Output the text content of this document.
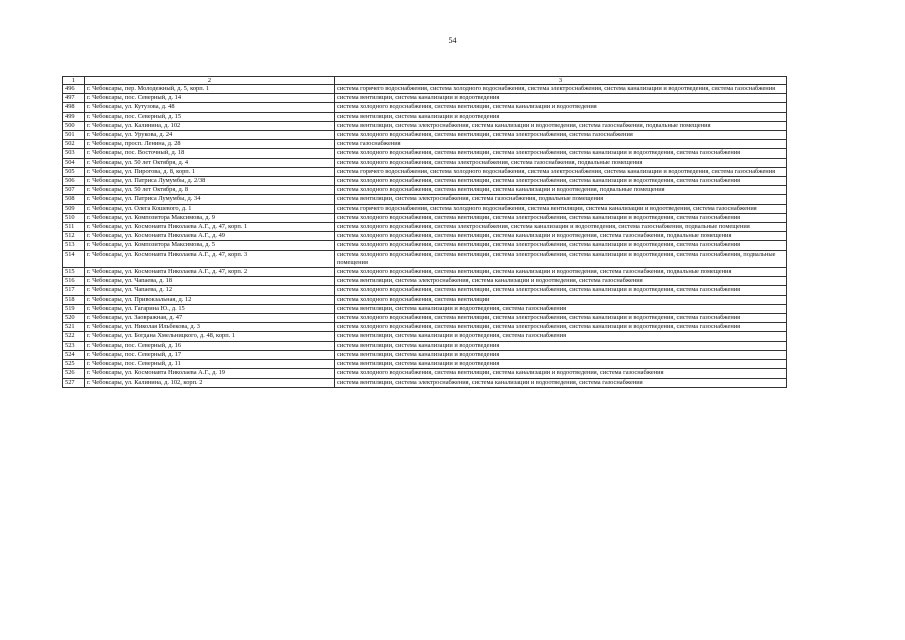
54
1	2	3
496	г. Чебоксары, пер. Молодежный, д. 5, корп. 1	система горячего водоснабжения, система холодного водоснабжения, система электроснабжения, система канализации и водоотведения, система газоснабжения
497	г. Чебоксары, пос. Северный, д. 14	система вентиляции, система канализации и водоотведения
498	г. Чебоксары, ул. Кутузова, д. 48	система холодного водоснабжения, система вентиляции, система канализации и водоотведения
499	г. Чебоксары, пос. Северный, д. 15	система вентиляции, система канализации и водоотведения
500	г. Чебоксары, ул. Калинина, д. 102	система вентиляции, система электроснабжения, система канализации и водоотведения, система газоснабжения, подвальные помещения
501	г. Чебоксары, ул. Урукова, д. 24	система холодного водоснабжения, система вентиляции, система электроснабжения, система газоснабжения
502	г. Чебоксары, просп. Ленина, д. 28	система газоснабжения
503	г. Чебоксары, пос. Восточный, д. 18	система холодного водоснабжения, система вентиляции, система электроснабжения, система канализации и водоотведения, система газоснабжения
504	г. Чебоксары, ул. 50 лет Октября, д. 4	система холодного водоснабжения, система электроснабжения, система газоснабжения, подвальные помещения
505	г. Чебоксары, ул. Пирогова, д. 8, корп. 1	система горячего водоснабжения, система холодного водоснабжения, система электроснабжения, система канализации и водоотведения, система газоснабжения
506	г. Чебоксары, ул. Патриса Лумумбы, д. 2/38	система холодного водоснабжения, система вентиляции, система электроснабжения, система канализации и водоотведения, система газоснабжения
507	г. Чебоксары, ул. 50 лет Октября, д. 8	система холодного водоснабжения, система вентиляции, система канализации и водоотведения, подвальные помещения
508	г. Чебоксары, ул. Патриса Лумумбы, д. 34	система вентиляции, система электроснабжения, система газоснабжения, подвальные помещения
509	г. Чебоксары, ул. Олега Кошевого, д. 1	система горячего водоснабжения, система холодного водоснабжения, система вентиляции, система канализации и водоотведения, система газоснабжения
510	г. Чебоксары, ул. Композитора Максимова, д. 9	система холодного водоснабжения, система вентиляции, система электроснабжения, система канализации и водоотведения, система газоснабжения
511	г. Чебоксары, ул. Космонавта Николаева А.Г., д. 47, корп. 1	система холодного водоснабжения, система электроснабжения, система канализации и водоотведения, система газоснабжения, подвальные помещения
512	г. Чебоксары, ул. Космонавта Николаева А.Г., д. 49	система холодного водоснабжения, система вентиляции, система канализации и водоотведения, система газоснабжения, подвальные помещения
513	г. Чебоксары, ул. Композитора Максимова, д. 5	система холодного водоснабжения, система вентиляции, система электроснабжения, система канализации и водоотведения, система газоснабжения
514	г. Чебоксары, ул. Космонавта Николаева А.Г., д. 47, корп. 3	система холодного водоснабжения, система вентиляции, система электроснабжения, система канализации и водоотведения, система газоснабжения, подвальные помещения
515	г. Чебоксары, ул. Космонавта Николаева А.Г., д. 47, корп. 2	система холодного водоснабжения, система вентиляции, система канализации и водоотведения, система газоснабжения, подвальные помещения
516	г. Чебоксары, ул. Чапаева, д. 18	система вентиляции, система электроснабжения, система канализации и водоотведения, система газоснабжения
517	г. Чебоксары, ул. Чапаева, д. 12	система холодного водоснабжения, система вентиляции, система электроснабжения, система канализации и водоотведения, система газоснабжения
518	г. Чебоксары, ул. Привокзальная, д. 12	система холодного водоснабжения, система вентиляции
519	г. Чебоксары, ул. Гагарина Ю., д. 15	система вентиляции, система канализации и водоотведения, система газоснабжения
520	г. Чебоксары, ул. Заовражная, д. 47	система холодного водоснабжения, система вентиляции, система электроснабжения, система канализации и водоотведения, система газоснабжения
521	г. Чебоксары, ул. Николая Ильбекова, д. 3	система холодного водоснабжения, система вентиляции, система электроснабжения, система канализации и водоотведения, система газоснабжения
522	г. Чебоксары, ул. Богдана Хмельницкого, д. 48, корп. 1	система вентиляции, система канализации и водоотведения, система газоснабжения
523	г. Чебоксары, пос. Северный, д. 16	система вентиляции, система канализации и водоотведения
524	г. Чебоксары, пос. Северный, д. 17	система вентиляции, система канализации и водоотведения
525	г. Чебоксары, пос. Северный, д. 11	система вентиляции, система канализации и водоотведения
526	г. Чебоксары, ул. Космонавта Николаева А.Г., д. 19	система холодного водоснабжения, система вентиляции, система канализации и водоотведения, система газоснабжения
527	г. Чебоксары, ул. Калинина, д. 102, корп. 2	система вентиляции, система электроснабжения, система канализации и водоотведения, система газоснабжения
